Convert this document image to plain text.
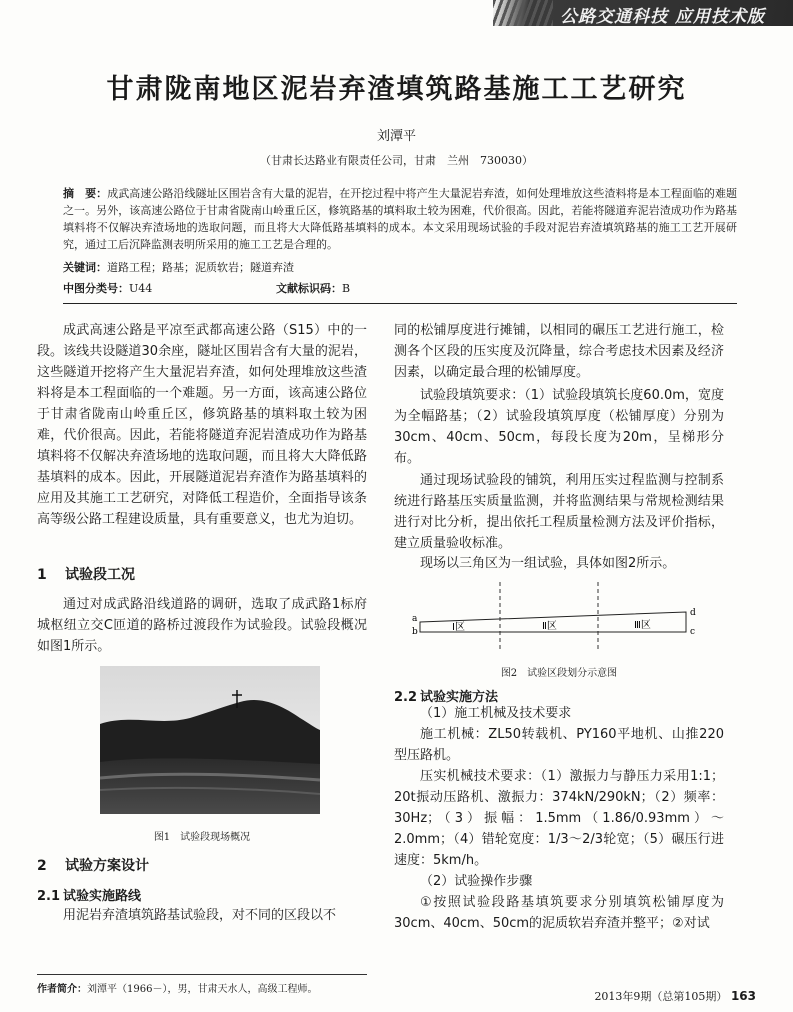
公路交通科技 应用技术版
甘肃陇南地区泥岩弃渣填筑路基施工工艺研究
刘潭平
（甘肃长达路业有限责任公司，甘肃　兰州　730030）
摘　要：成武高速公路沿线隧址区围岩含有大量的泥岩，在开挖过程中将产生大量泥岩弃渣，如何处理堆放这些渣料将是本工程面临的难题之一。另外，该高速公路位于甘肃省陇南山岭重丘区，修筑路基的填料取土较为困难，代价很高。因此，若能将隧道弃泥岩渣成功作为路基填料将不仅解决弃渣场地的选取问题，而且将大大降低路基填料的成本。本文采用现场试验的手段对泥岩弃渣填筑路基的施工工艺开展研究，通过工后沉降监测表明所采用的施工工艺是合理的。
关键词：道路工程；路基；泥质软岩；隧道弃渣
中图分类号：U44	文献标识码：B

成武高速公路是平凉至武都高速公路（S15）中的一段。该线共设隧道30余座，隧址区围岩含有大量的泥岩，这些隧道开挖将产生大量泥岩弃渣，如何处理堆放这些渣料将是本工程面临的一个难题。另一方面，该高速公路位于甘肃省陇南山岭重丘区，修筑路基的填料取土较为困难，代价很高。因此，若能将隧道弃泥岩渣成功作为路基填料将不仅解决弃渣场地的选取问题，而且将大大降低路基填料的成本。因此，开展隧道泥岩弃渣作为路基填料的应用及其施工工艺研究，对降低工程造价，全面指导该条高等级公路工程建设质量，具有重要意义，也尤为迫切。

1 试验段工况

通过对成武路沿线道路的调研，选取了成武路1标府城枢纽立交C匝道的路桥过渡段作为试验段。试验段概况如图1所示。

图1　试验段现场概况
2 试验方案设计
2.1 试验实施路线

用泥岩弃渣填筑路基试验段，对不同的区段以不

作者简介：刘潭平（1966－），男，甘肃天水人，高级工程师。

同的松铺厚度进行摊铺，以相同的碾压工艺进行施工，检测各个区段的压实度及沉降量，综合考虑技术因素及经济因素，以确定最合理的松铺厚度。

试验段填筑要求：（1）试验段填筑长度60.0m，宽度为全幅路基；（2）试验段填筑厚度（松铺厚度）分别为30cm、40cm、50cm，每段长度为20m，呈梯形分布。

通过现场试验段的铺筑，利用压实过程监测与控制系统进行路基压实质量监测，并将监测结果与常规检测结果进行对比分析，提出依托工程质量检测方法及评价指标，建立质量验收标准。

现场以三角区为一组试验，具体如图2所示。

a
b
d
c
Ⅰ区	Ⅱ区	Ⅲ区
图2　试验区段划分示意图
2.2 试验实施方法

（1）施工机械及技术要求

施工机械：ZL50转载机、PY160平地机、山推220型压路机。

压实机械技术要求：（1）激振力与静压力采用1:1；20t振动压路机、激振力：374kN/290kN；（2）频率：30Hz；（3）振幅：1.5mm（1.86/0.93mm）～2.0mm；（4）错轮宽度：1/3～2/3轮宽；（5）碾压行进速度：5km/h。

（2）试验操作步骤

①按照试验段路基填筑要求分别填筑松铺厚度为30cm、40cm、50cm的泥质软岩弃渣并整平；②对试

2013年9期（总第105期） 163
